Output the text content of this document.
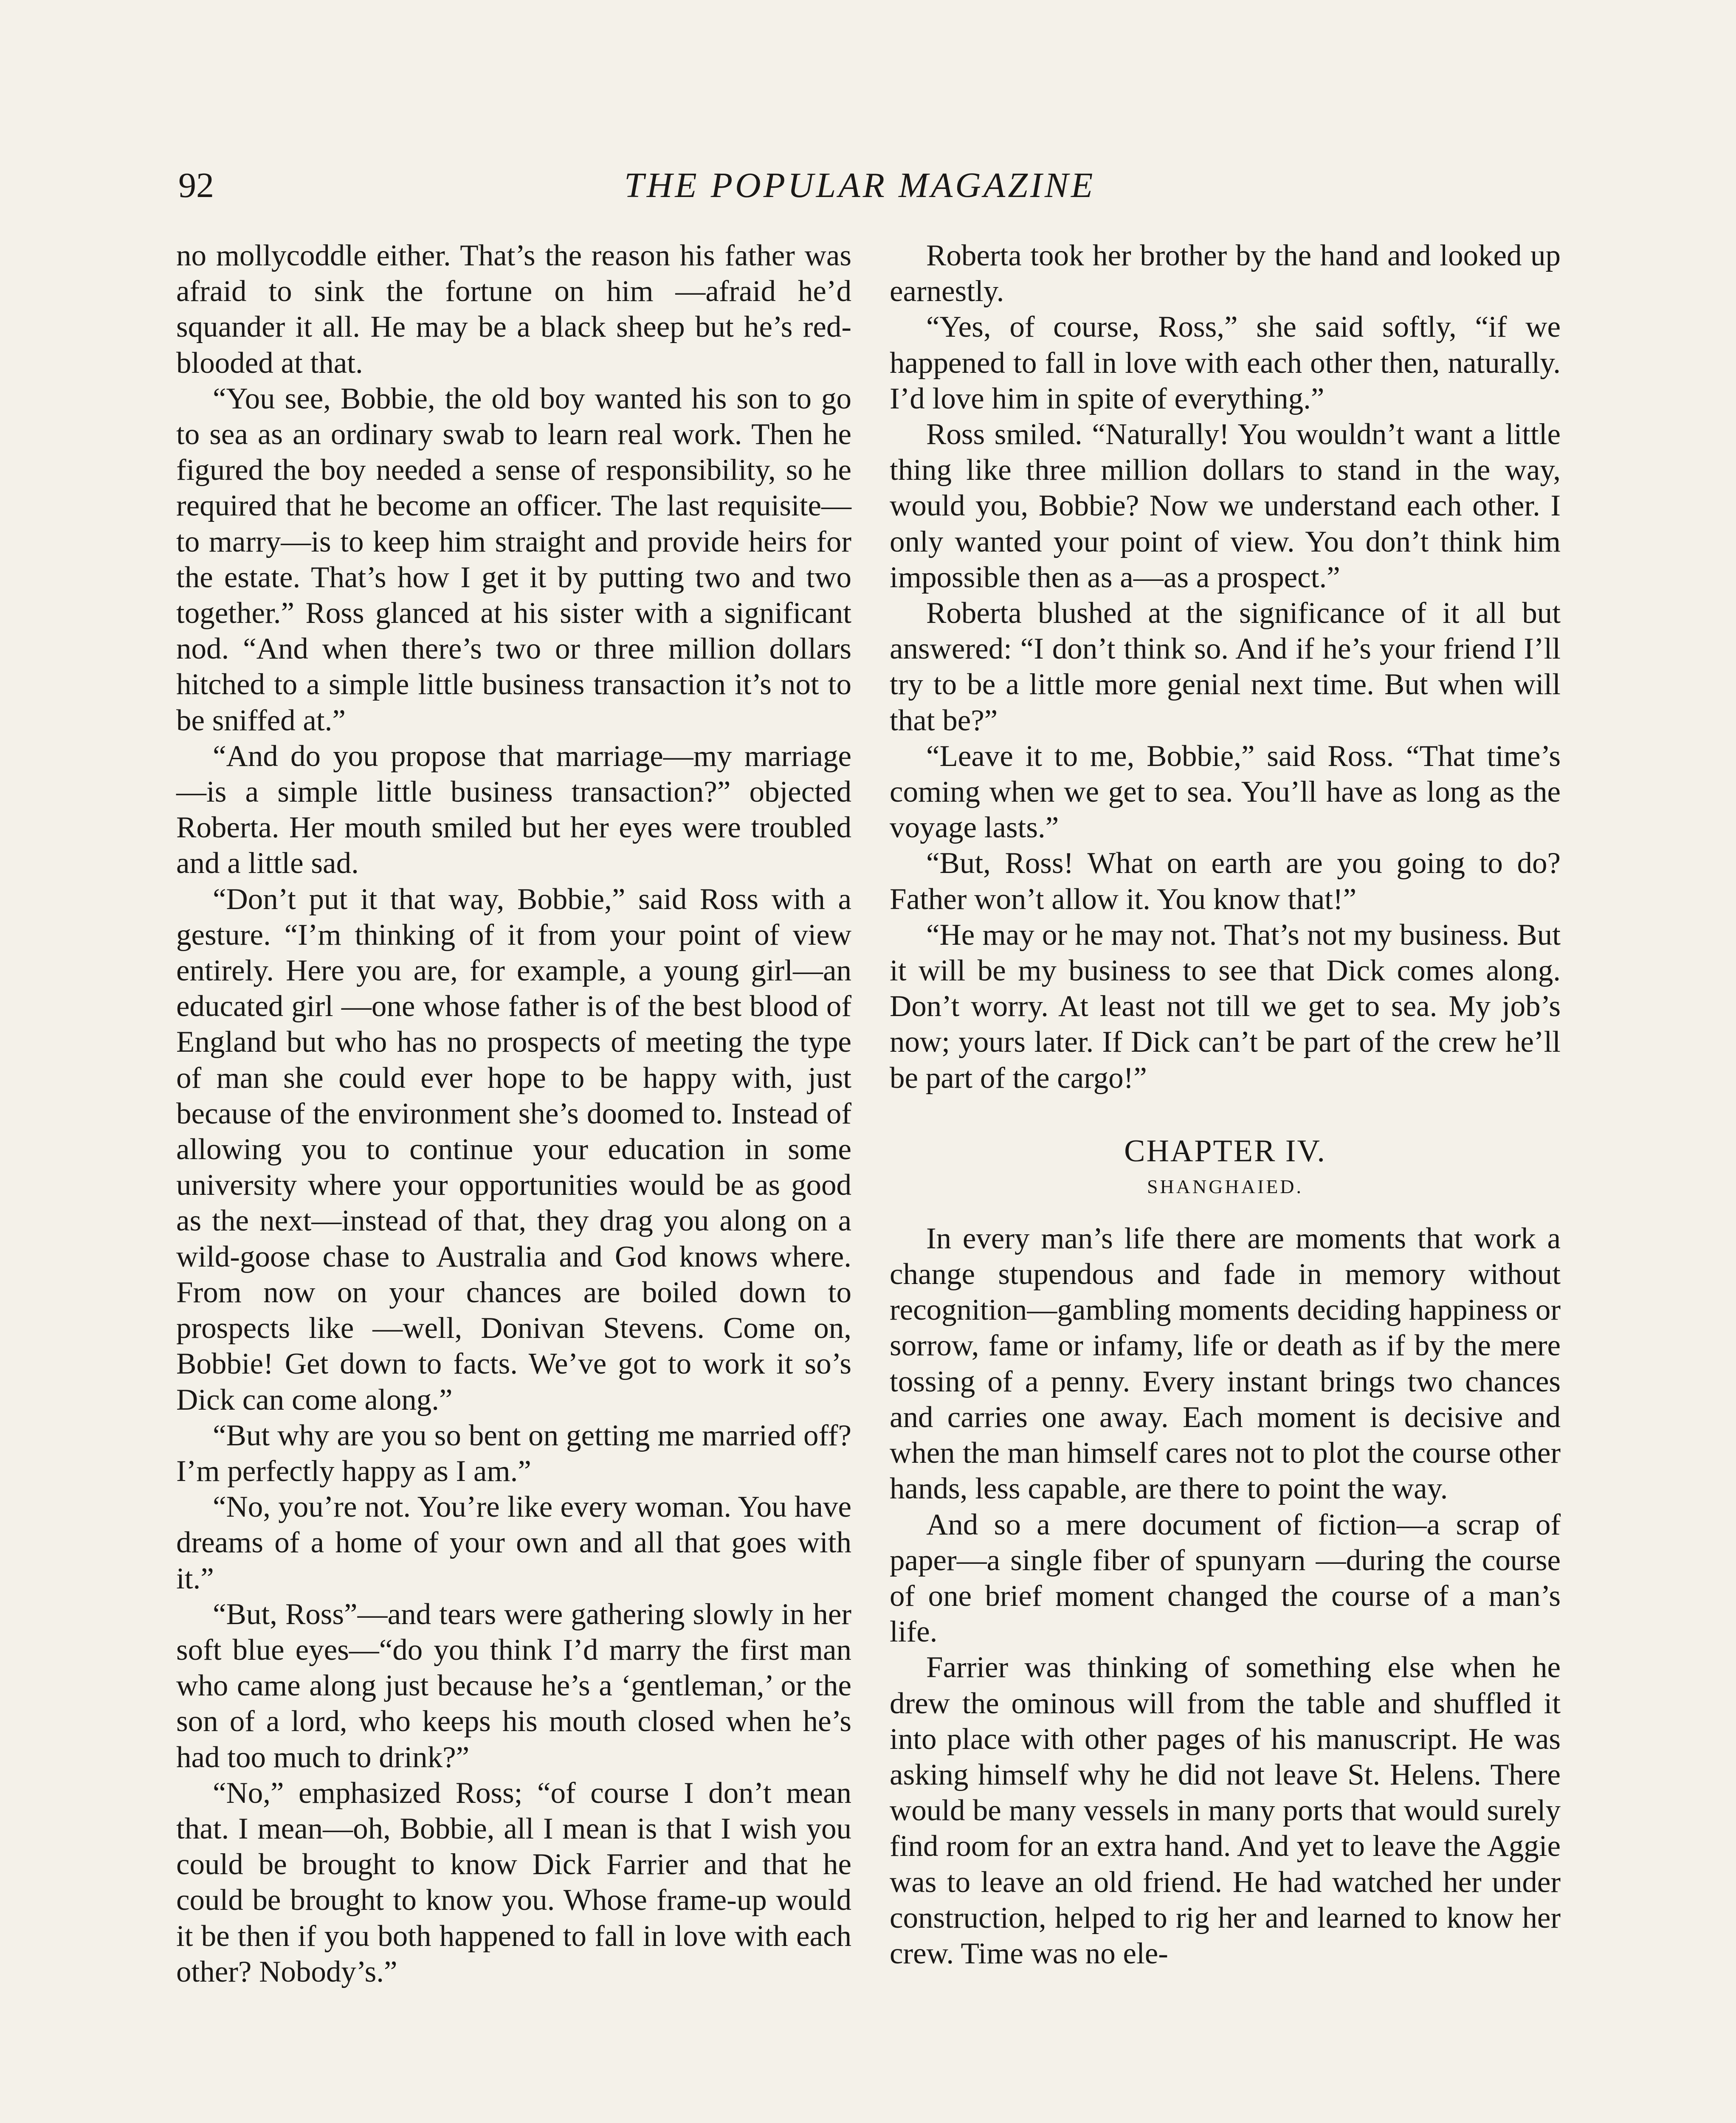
92	THE POPULAR MAGAZINE

no mollycoddle either. That’s the reason his father was afraid to sink the fortune on him —afraid he’d squander it all. He may be a black sheep but he’s red-blooded at that.

“You see, Bobbie, the old boy wanted his son to go to sea as an ordinary swab to learn real work. Then he figured the boy needed a sense of responsibility, so he required that he become an officer. The last requisite— to marry—is to keep him straight and provide heirs for the estate. That’s how I get it by putting two and two together.” Ross glanced at his sister with a significant nod. “And when there’s two or three million dollars hitched to a simple little business transaction it’s not to be sniffed at.”

“And do you propose that marriage—my marriage—is a simple little business transaction?” objected Roberta. Her mouth smiled but her eyes were troubled and a little sad.

“Don’t put it that way, Bobbie,” said Ross with a gesture. “I’m thinking of it from your point of view entirely. Here you are, for example, a young girl—an educated girl —one whose father is of the best blood of England but who has no prospects of meeting the type of man she could ever hope to be happy with, just because of the environment she’s doomed to. Instead of allowing you to continue your education in some university where your opportunities would be as good as the next—instead of that, they drag you along on a wild-goose chase to Australia and God knows where. From now on your chances are boiled down to prospects like —well, Donivan Stevens. Come on, Bobbie! Get down to facts. We’ve got to work it so’s Dick can come along.”

“But why are you so bent on getting me married off? I’m perfectly happy as I am.”

“No, you’re not. You’re like every woman. You have dreams of a home of your own and all that goes with it.”

“But, Ross”—and tears were gathering slowly in her soft blue eyes—“do you think I’d marry the first man who came along just because he’s a ‘gentleman,’ or the son of a lord, who keeps his mouth closed when he’s had too much to drink?”

“No,” emphasized Ross; “of course I don’t mean that. I mean—oh, Bobbie, all I mean is that I wish you could be brought to know Dick Farrier and that he could be brought to know you. Whose frame-up would it be then if you both happened to fall in love with each other? Nobody’s.”

Roberta took her brother by the hand and looked up earnestly.

“Yes, of course, Ross,” she said softly, “if we happened to fall in love with each other then, naturally. I’d love him in spite of everything.”

Ross smiled. “Naturally! You wouldn’t want a little thing like three million dollars to stand in the way, would you, Bobbie? Now we understand each other. I only wanted your point of view. You don’t think him impossible then as a—as a prospect.”

Roberta blushed at the significance of it all but answered: “I don’t think so. And if he’s your friend I’ll try to be a little more genial next time. But when will that be?”

“Leave it to me, Bobbie,” said Ross. “That time’s coming when we get to sea. You’ll have as long as the voyage lasts.”

“But, Ross! What on earth are you going to do? Father won’t allow it. You know that!”

“He may or he may not. That’s not my business. But it will be my business to see that Dick comes along. Don’t worry. At least not till we get to sea. My job’s now; yours later. If Dick can’t be part of the crew he’ll be part of the cargo!”

CHAPTER IV.
SHANGHAIED.

In every man’s life there are moments that work a change stupendous and fade in memory without recognition—gambling moments deciding happiness or sorrow, fame or infamy, life or death as if by the mere tossing of a penny. Every instant brings two chances and carries one away. Each moment is decisive and when the man himself cares not to plot the course other hands, less capable, are there to point the way.

And so a mere document of fiction—a scrap of paper—a single fiber of spunyarn —during the course of one brief moment changed the course of a man’s life.

Farrier was thinking of something else when he drew the ominous will from the table and shuffled it into place with other pages of his manuscript. He was asking himself why he did not leave St. Helens. There would be many vessels in many ports that would surely find room for an extra hand. And yet to leave the Aggie was to leave an old friend. He had watched her under construction, helped to rig her and learned to know her crew. Time was no ele-
